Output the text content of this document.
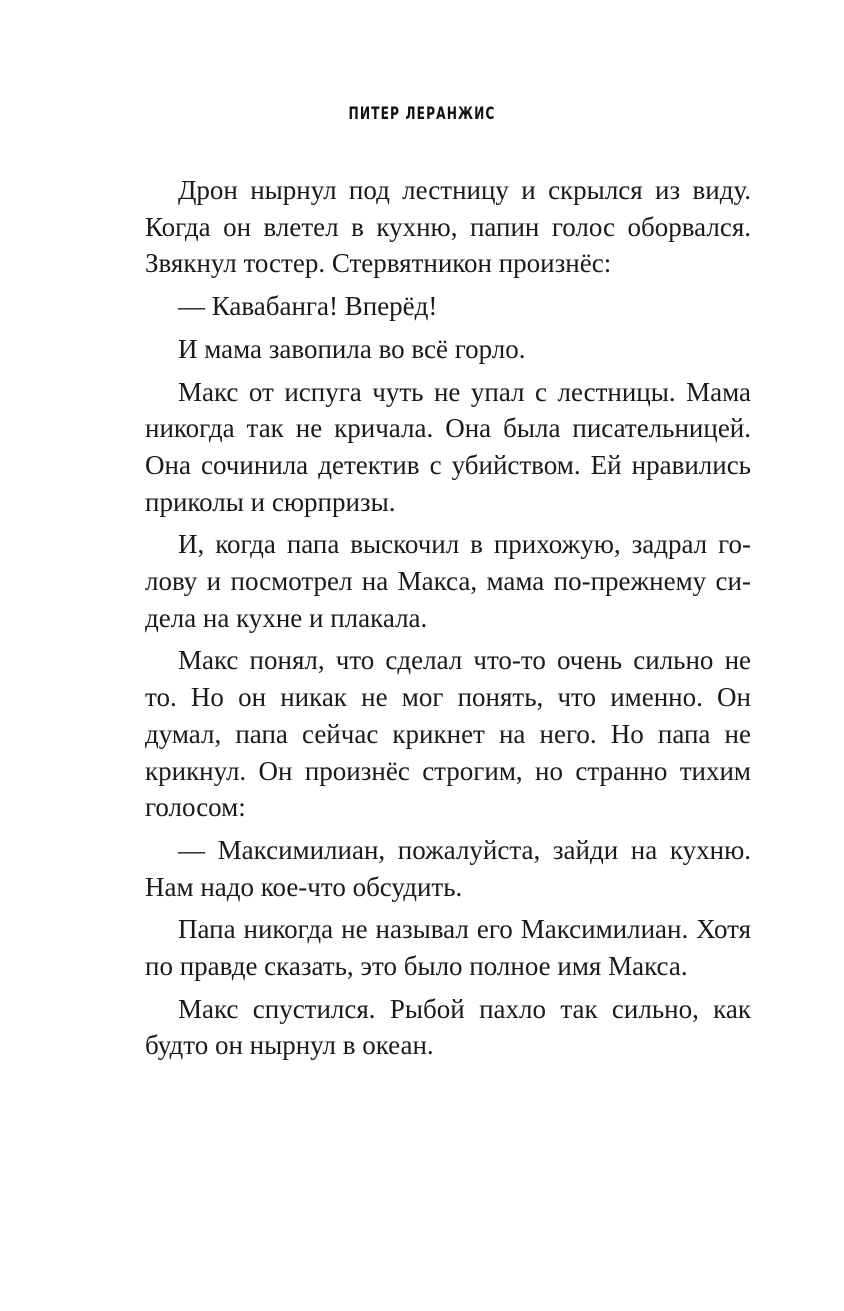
ПИТЕР ЛЕРАНЖИС

Дрон нырнул под лестницу и скрылся из виду. Когда он влетел в кухню, папин голос оборвался. Звякнул тостер. Стервятникон произнёс:

— Кавабанга! Вперёд!

И мама завопила во всё горло.

Макс от испуга чуть не упал с лестницы. Мама никогда так не кричала. Она была писательницей. Она сочинила детектив с убийством. Ей нравились приколы и сюрпризы.

И, когда папа выскочил в прихожую, задрал голову и посмотрел на Макса, мама по-прежнему сидела на кухне и плакала.

Макс понял, что сделал что-то очень сильно не то. Но он никак не мог понять, что именно. Он думал, папа сейчас крикнет на него. Но папа не крикнул. Он произнёс строгим, но странно тихим голосом:

— Максимилиан, пожалуйста, зайди на кухню. Нам надо кое-что обсудить.

Папа никогда не называл его Максимилиан. Хотя по правде сказать, это было полное имя Макса.

Макс спустился. Рыбой пахло так сильно, как будто он нырнул в океан.
